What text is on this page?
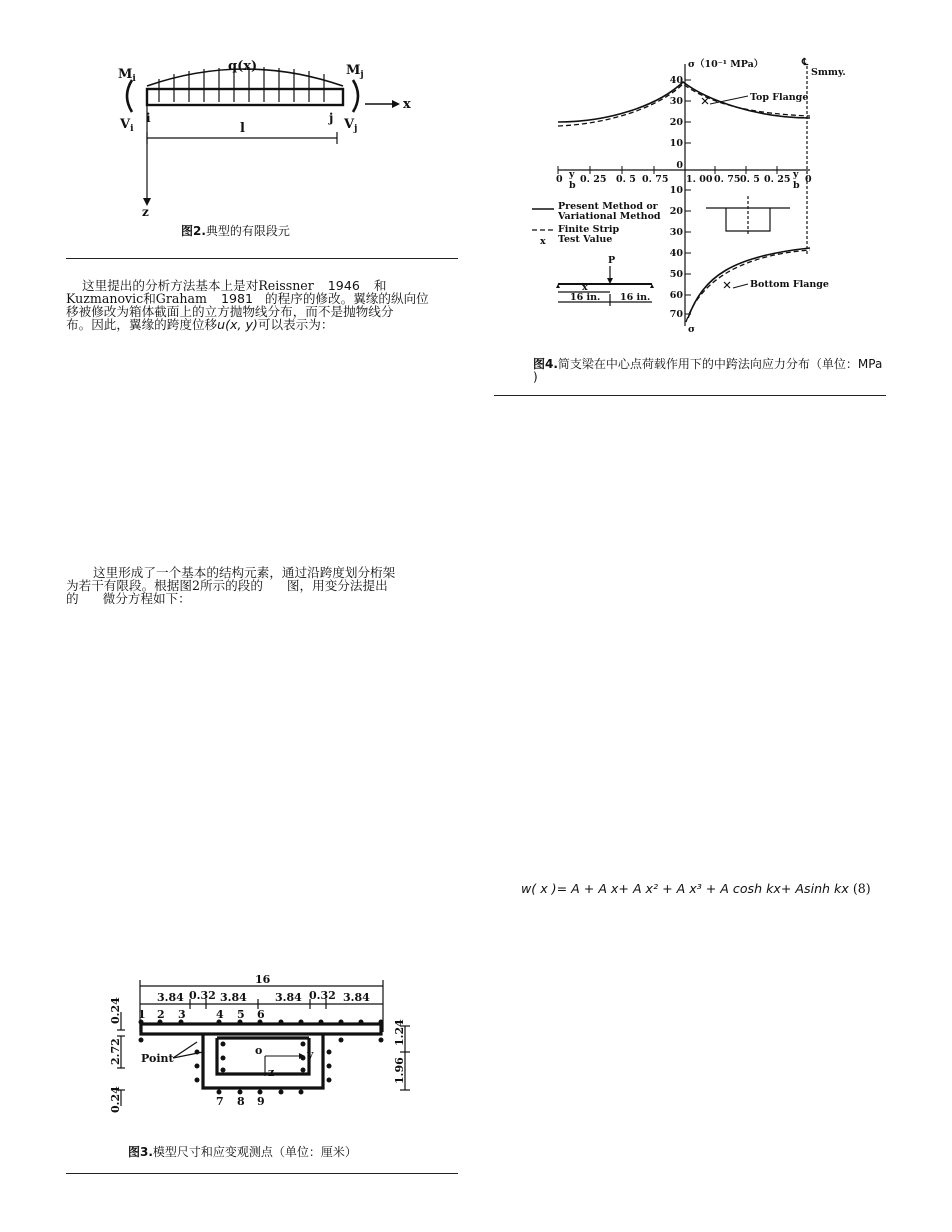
q(x)
$M_i$
$M_j$
$V_i$	$V_j$
i	j
l
x
z
图2.典型的有限段元
这里提出的分析方法基本上是对Reissner 1946 和
Kuzmanovic和Graham 1981 的程序的修改。翼缘的纵向位
移被修改为箱体截面上的立方抛物线分布，而不是抛物线分
布。因此，翼缘的跨度位移u(x, y)可以表示为：
这里形成了一个基本的结构元素，通过沿跨度划分桁架
为若干有限段。根据图2所示的段的 图，用变分法提出
的 微分方程如下：
16
3.84 0.32 3.84	3.84 0.32 3.84
1 2 3	4 5 6
7 8 9
Point
o	y
z
0.24
2.72
0.24
1.24
1.96
图3.模型尺寸和应变观测点（单位：厘米）
σ（10⁻¹ MPa）	℄
Smmy.
Top Flange
Bottom Flange
Present Method or
Variational Method
Finite Strip
Test Value
x
P
x
16 in. 16 in.
σ
40
30
20
10
0
10
20
30
40
50
60
70
0 y
b
0. 25 0. 5 0. 75 1. 00 0. 75 0. 5 0. 25 y
b
0
图4.简支梁在中心点荷载作用下的中跨法向应力分布（单位：MPa
)
w( x )= A + A x+ A x² + A x³ + A cosh kx+ Asinh kx (8)
